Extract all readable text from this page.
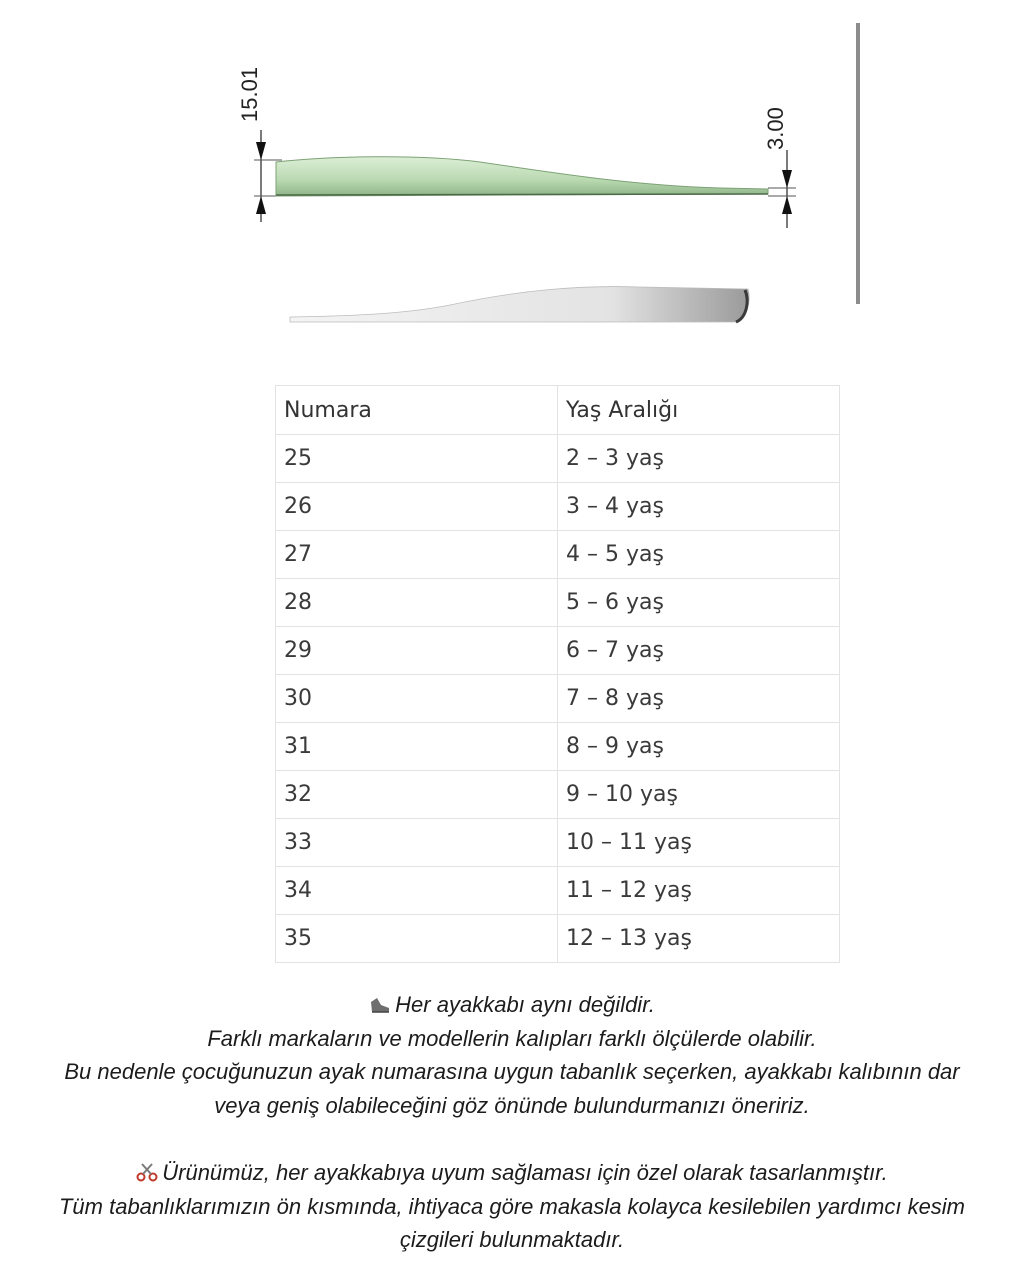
15.01
3.00
Numara	Yaş Aralığı
25	2 – 3 yaş
26	3 – 4 yaş
27	4 – 5 yaş
28	5 – 6 yaş
29	6 – 7 yaş
30	7 – 8 yaş
31	8 – 9 yaş
32	9 – 10 yaş
33	10 – 11 yaş
34	11 – 12 yaş
35	12 – 13 yaş

Her ayakkabı aynı değildir.

Farklı markaların ve modellerin kalıpları farklı ölçülerde olabilir.

Bu nedenle çocuğunuzun ayak numarasına uygun tabanlık seçerken, ayakkabı kalıbının dar

veya geniş olabileceğini göz önünde bulundurmanızı öneririz.

Ürünümüz, her ayakkabıya uyum sağlaması için özel olarak tasarlanmıştır.

Tüm tabanlıklarımızın ön kısmında, ihtiyaca göre makasla kolayca kesilebilen yardımcı kesim

çizgileri bulunmaktadır.
